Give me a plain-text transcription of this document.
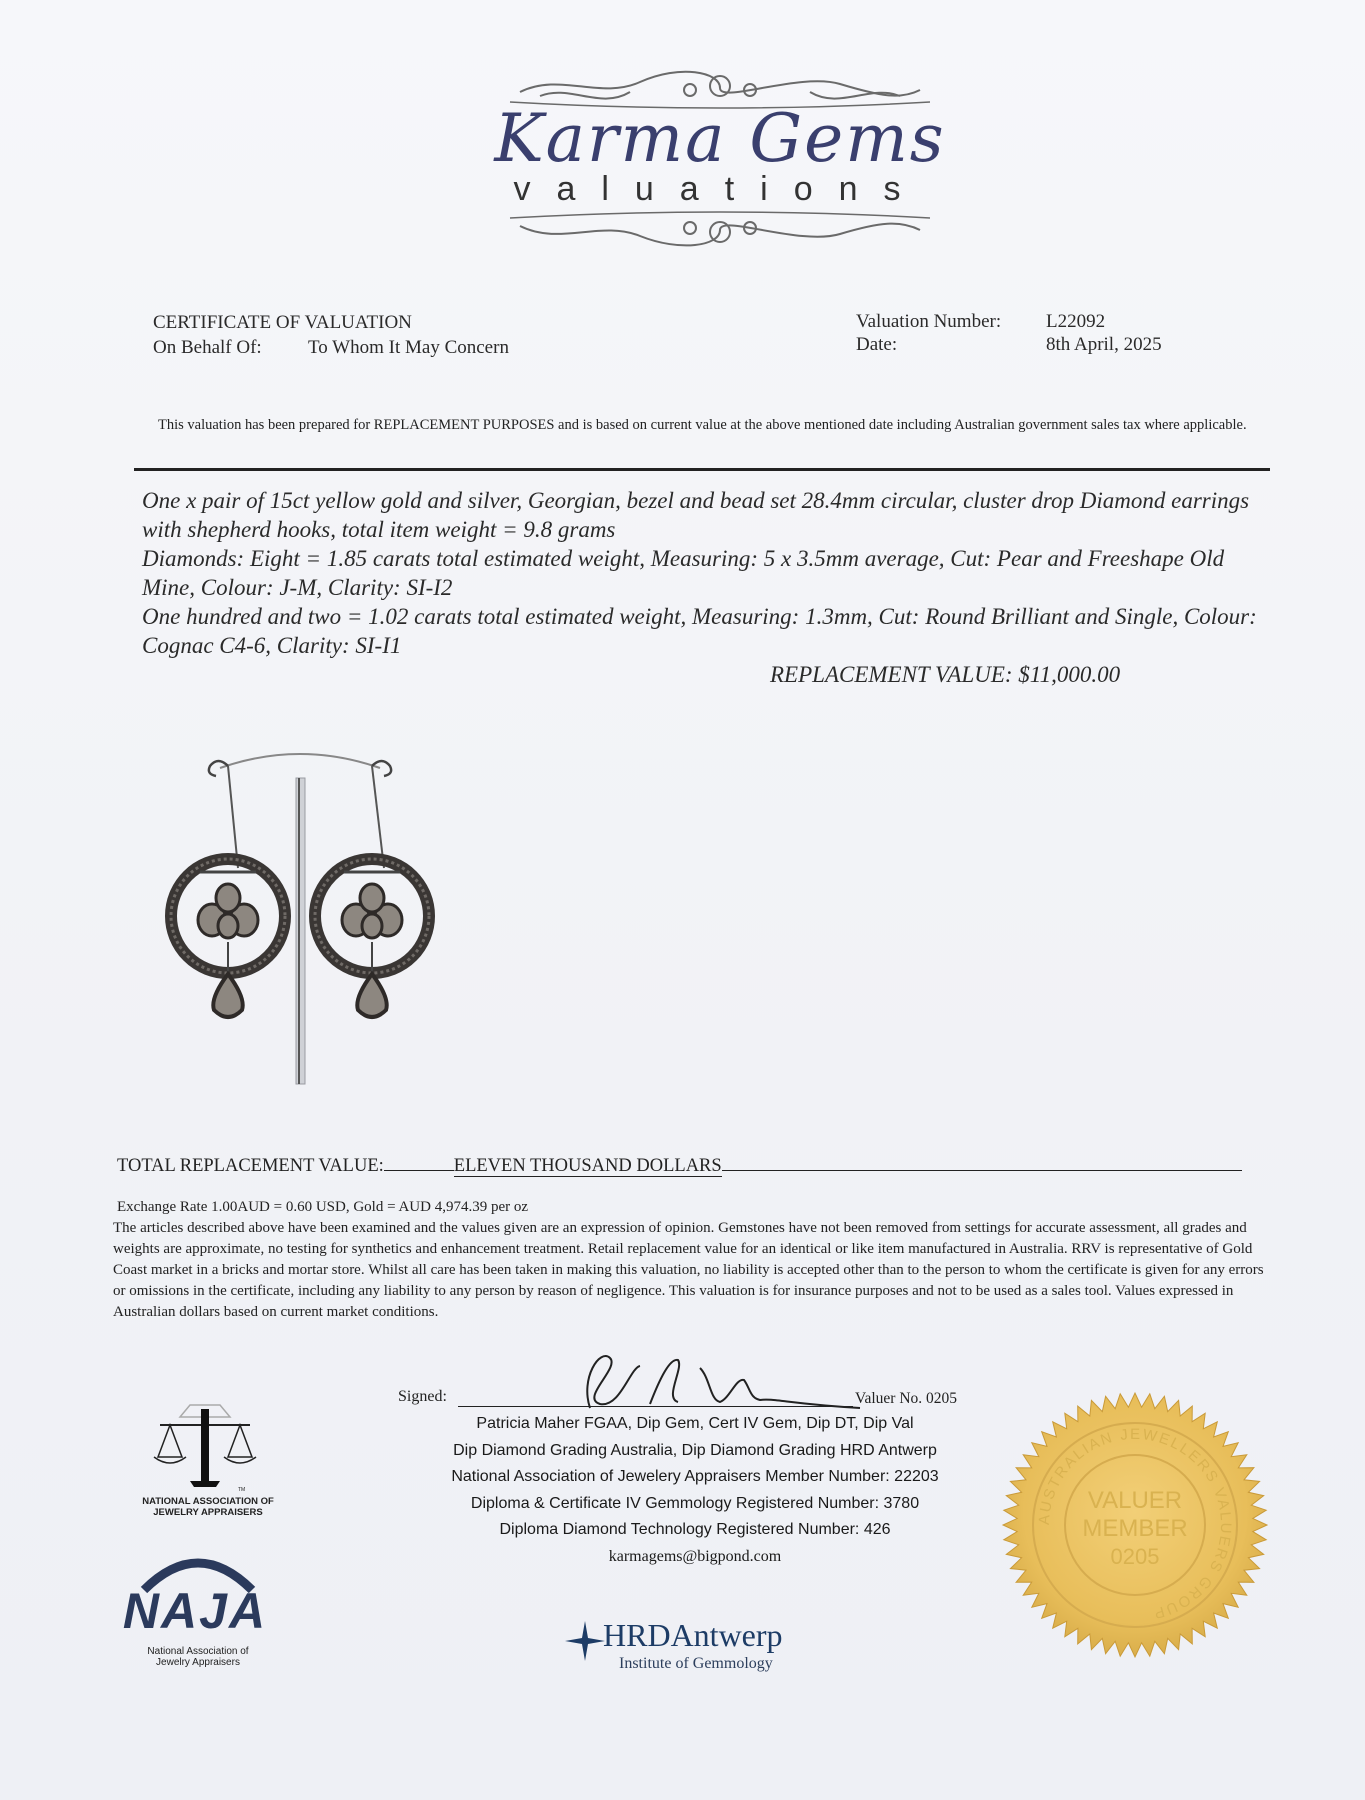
Karma Gems
valuations
CERTIFICATE OF VALUATION
On Behalf Of: To Whom It May Concern
Valuation Number: L22092
Date:	8th April, 2025
This valuation has been prepared for REPLACEMENT PURPOSES and is based on current value at the above mentioned date including Australian government sales tax where applicable.

One x pair of 15ct yellow gold and silver, Georgian, bezel and bead set 28.4mm circular, cluster drop Diamond earrings with shepherd hooks, total item weight = 9.8 grams

Diamonds: Eight = 1.85 carats total estimated weight, Measuring: 5 x 3.5mm average, Cut: Pear and Freeshape Old Mine, Colour: J-M, Clarity: SI-I2

One hundred and two = 1.02 carats total estimated weight, Measuring: 1.3mm, Cut: Round Brilliant and Single, Colour: Cognac C4-6, Clarity: SI-I1

REPLACEMENT VALUE: $11,000.00
TOTAL REPLACEMENT VALUE:	ELEVEN THOUSAND DOLLARS
Exchange Rate 1.00AUD = 0.60 USD, Gold = AUD 4,974.39 per oz
The articles described above have been examined and the values given are an expression of opinion. Gemstones have not been removed from settings for accurate assessment, all grades and weights are approximate, no testing for synthetics and enhancement treatment. Retail replacement value for an identical or like item manufactured in Australia. RRV is representative of Gold Coast market in a bricks and mortar store. Whilst all care has been taken in making this valuation, no liability is accepted other than to the person to whom the certificate is given for any errors or omissions in the certificate, including any liability to any person by reason of negligence. This valuation is for insurance purposes and not to be used as a sales tool. Values expressed in Australian dollars based on current market conditions.
Signed:	Valuer No. 0205
Patricia Maher FGAA, Dip Gem, Cert IV Gem, Dip DT, Dip Val
Dip Diamond Grading Australia, Dip Diamond Grading HRD Antwerp
National Association of Jewelery Appraisers Member Number: 22203
Diploma & Certificate IV Gemmology Registered Number: 3780
Diploma Diamond Technology Registered Number: 426
karmagems@bigpond.com
TM
NATIONAL ASSOCIATION OF
JEWELRY APPRAISERS
NAJA
National Association of
Jewelry Appraisers
HRDAntwerp
Institute of Gemmology
AUSTRALIAN JEWELLERS VALUERS GROUP
VALUER
MEMBER
0205
